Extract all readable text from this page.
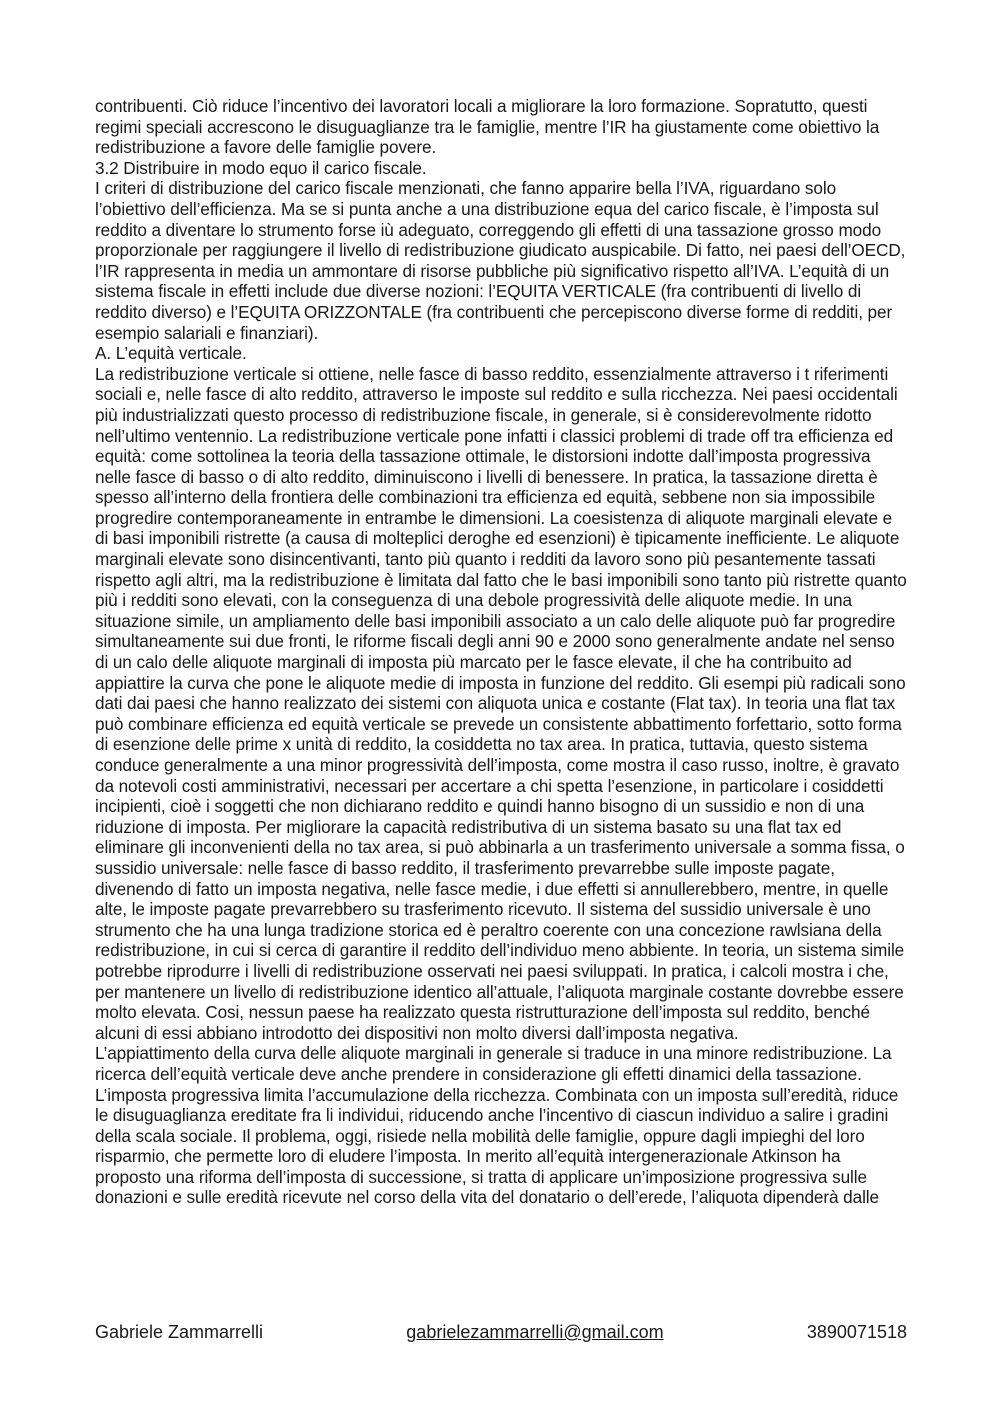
contribuenti. Ciò riduce l’incentivo dei lavoratori locali a migliorare la loro formazione. Sopratutto, questi regimi speciali accrescono le disuguaglianze tra le famiglie, mentre l’IR ha giustamente come obiettivo la redistribuzione a favore delle famiglie povere.

3.2 Distribuire in modo equo il carico fiscale.

I criteri di distribuzione del carico fiscale menzionati, che fanno apparire bella l’IVA, riguardano solo l’obiettivo dell’efficienza. Ma se si punta anche a una distribuzione equa del carico fiscale, è l’imposta sul reddito a diventare lo strumento forse iù adeguato, correggendo gli effetti di una tassazione grosso modo proporzionale per raggiungere il livello di redistribuzione giudicato auspicabile. Di fatto, nei paesi dell’OECD, l’IR rappresenta in media un ammontare di risorse pubbliche più significativo rispetto all’IVA. L’equità di un sistema fiscale in effetti include due diverse nozioni: l’EQUITA VERTICALE (fra contribuenti di livello di reddito diverso) e l’EQUITA ORIZZONTALE (fra contribuenti che percepiscono diverse forme di redditi, per esempio salariali e finanziari).

A. L’equità verticale.

La redistribuzione verticale si ottiene, nelle fasce di basso reddito, essenzialmente attraverso i t riferimenti sociali e, nelle fasce di alto reddito, attraverso le imposte sul reddito e sulla ricchezza. Nei paesi occidentali più industrializzati questo processo di redistribuzione fiscale, in generale, si è considerevolmente ridotto nell’ultimo ventennio. La redistribuzione verticale pone infatti i classici problemi di trade off tra efficienza ed equità: come sottolinea la teoria della tassazione ottimale, le distorsioni indotte dall’imposta progressiva nelle fasce di basso o di alto reddito, diminuiscono i livelli di benessere. In pratica, la tassazione diretta è spesso all’interno della frontiera delle combinazioni tra efficienza ed equità, sebbene non sia impossibile progredire contemporaneamente in entrambe le dimensioni. La coesistenza di aliquote marginali elevate e di basi imponibili ristrette (a causa di molteplici deroghe ed esenzioni) è tipicamente inefficiente. Le aliquote marginali elevate sono disincentivanti, tanto più quanto i redditi da lavoro sono più pesantemente tassati rispetto agli altri, ma la redistribuzione è limitata dal fatto che le basi imponibili sono tanto più ristrette quanto più i redditi sono elevati, con la conseguenza di una debole progressività delle aliquote medie. In una situazione simile, un ampliamento delle basi imponibili associato a un calo delle aliquote può far progredire simultaneamente sui due fronti, le riforme fiscali degli anni 90 e 2000 sono generalmente andate nel senso di un calo delle aliquote marginali di imposta più marcato per le fasce elevate, il che ha contribuito ad appiattire la curva che pone le aliquote medie di imposta in funzione del reddito. Gli esempi più radicali sono dati dai paesi che hanno realizzato dei sistemi con aliquota unica e costante (Flat tax). In teoria una flat tax può combinare efficienza ed equità verticale se prevede un consistente abbattimento forfettario, sotto forma di esenzione delle prime x unità di reddito, la cosiddetta no tax area. In pratica, tuttavia, questo sistema conduce generalmente a una minor progressività dell’imposta, come mostra il caso russo, inoltre, è gravato da notevoli costi amministrativi, necessari per accertare a chi spetta l’esenzione, in particolare i cosiddetti incipienti, cioè i soggetti che non dichiarano reddito e quindi hanno bisogno di un sussidio e non di una riduzione di imposta. Per migliorare la capacità redistributiva di un sistema basato su una flat tax ed eliminare gli inconvenienti della no tax area, si può abbinarla a un trasferimento universale a somma fissa, o sussidio universale: nelle fasce di basso reddito, il trasferimento prevarrebbe sulle imposte pagate, divenendo di fatto un imposta negativa, nelle fasce medie, i due effetti si annullerebbero, mentre, in quelle alte, le imposte pagate prevarrebbero su trasferimento ricevuto. Il sistema del sussidio universale è uno strumento che ha una lunga tradizione storica ed è peraltro coerente con una concezione rawlsiana della redistribuzione, in cui si cerca di garantire il reddito dell’individuo meno abbiente. In teoria, un sistema simile potrebbe riprodurre i livelli di redistribuzione osservati nei paesi sviluppati. In pratica, i calcoli mostra i che, per mantenere un livello di redistribuzione identico all’attuale, l’aliquota marginale costante dovrebbe essere molto elevata. Cosi, nessun paese ha realizzato questa ristrutturazione dell’imposta sul reddito, benché alcuni di essi abbiano introdotto dei dispositivi non molto diversi dall’imposta negativa.

L’appiattimento della curva delle aliquote marginali in generale si traduce in una minore redistribuzione. La ricerca dell’equità verticale deve anche prendere in considerazione gli effetti dinamici della tassazione. L’imposta progressiva limita l’accumulazione della ricchezza. Combinata con un imposta sull’eredità, riduce le disuguaglianza ereditate fra li individui, riducendo anche l’incentivo di ciascun individuo a salire i gradini della scala sociale. Il problema, oggi, risiede nella mobilità delle famiglie, oppure dagli impieghi del loro risparmio, che permette loro di eludere l’imposta. In merito all’equità intergenerazionale Atkinson ha proposto una riforma dell’imposta di successione, si tratta di applicare un’imposizione progressiva sulle donazioni e sulle eredità ricevute nel corso della vita del donatario o dell’erede, l’aliquota dipenderà dalle

Gabriele Zammarrelli	gabrielezammarrelli@gmail.com	3890071518
